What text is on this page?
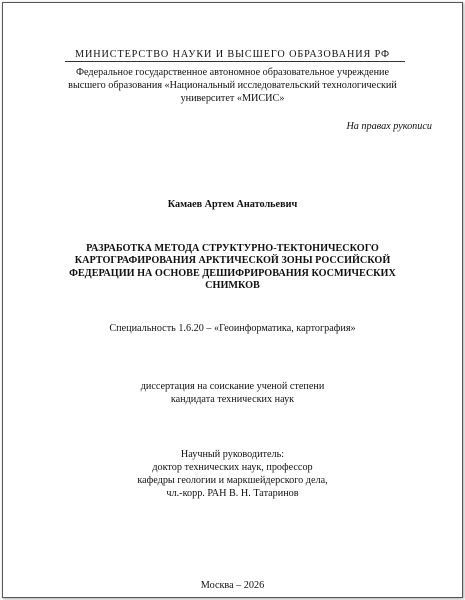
МИНИСТЕРСТВО НАУКИ И ВЫСШЕГО ОБРАЗОВАНИЯ РФ
Федеральное государственное автономное образовательное учреждение
высшего образования «Национальный исследовательский технологический
университет «МИСИС»
На правах рукописи
Камаев Артем Анатольевич
РАЗРАБОТКА МЕТОДА СТРУКТУРНО-ТЕКТОНИЧЕСКОГО
КАРТОГРАФИРОВАНИЯ АРКТИЧЕСКОЙ ЗОНЫ РОССИЙСКОЙ
ФЕДЕРАЦИИ НА ОСНОВЕ ДЕШИФРИРОВАНИЯ КОСМИЧЕСКИХ
СНИМКОВ
Специальность 1.6.20 – «Геоинформатика, картография»
диссертация на соискание ученой степени
кандидата технических наук
Научный руководитель:
доктор технических наук, профессор
кафедры геологии и маркшейдерского дела,
чл.-корр. РАН В. Н. Татаринов
Москва – 2026
